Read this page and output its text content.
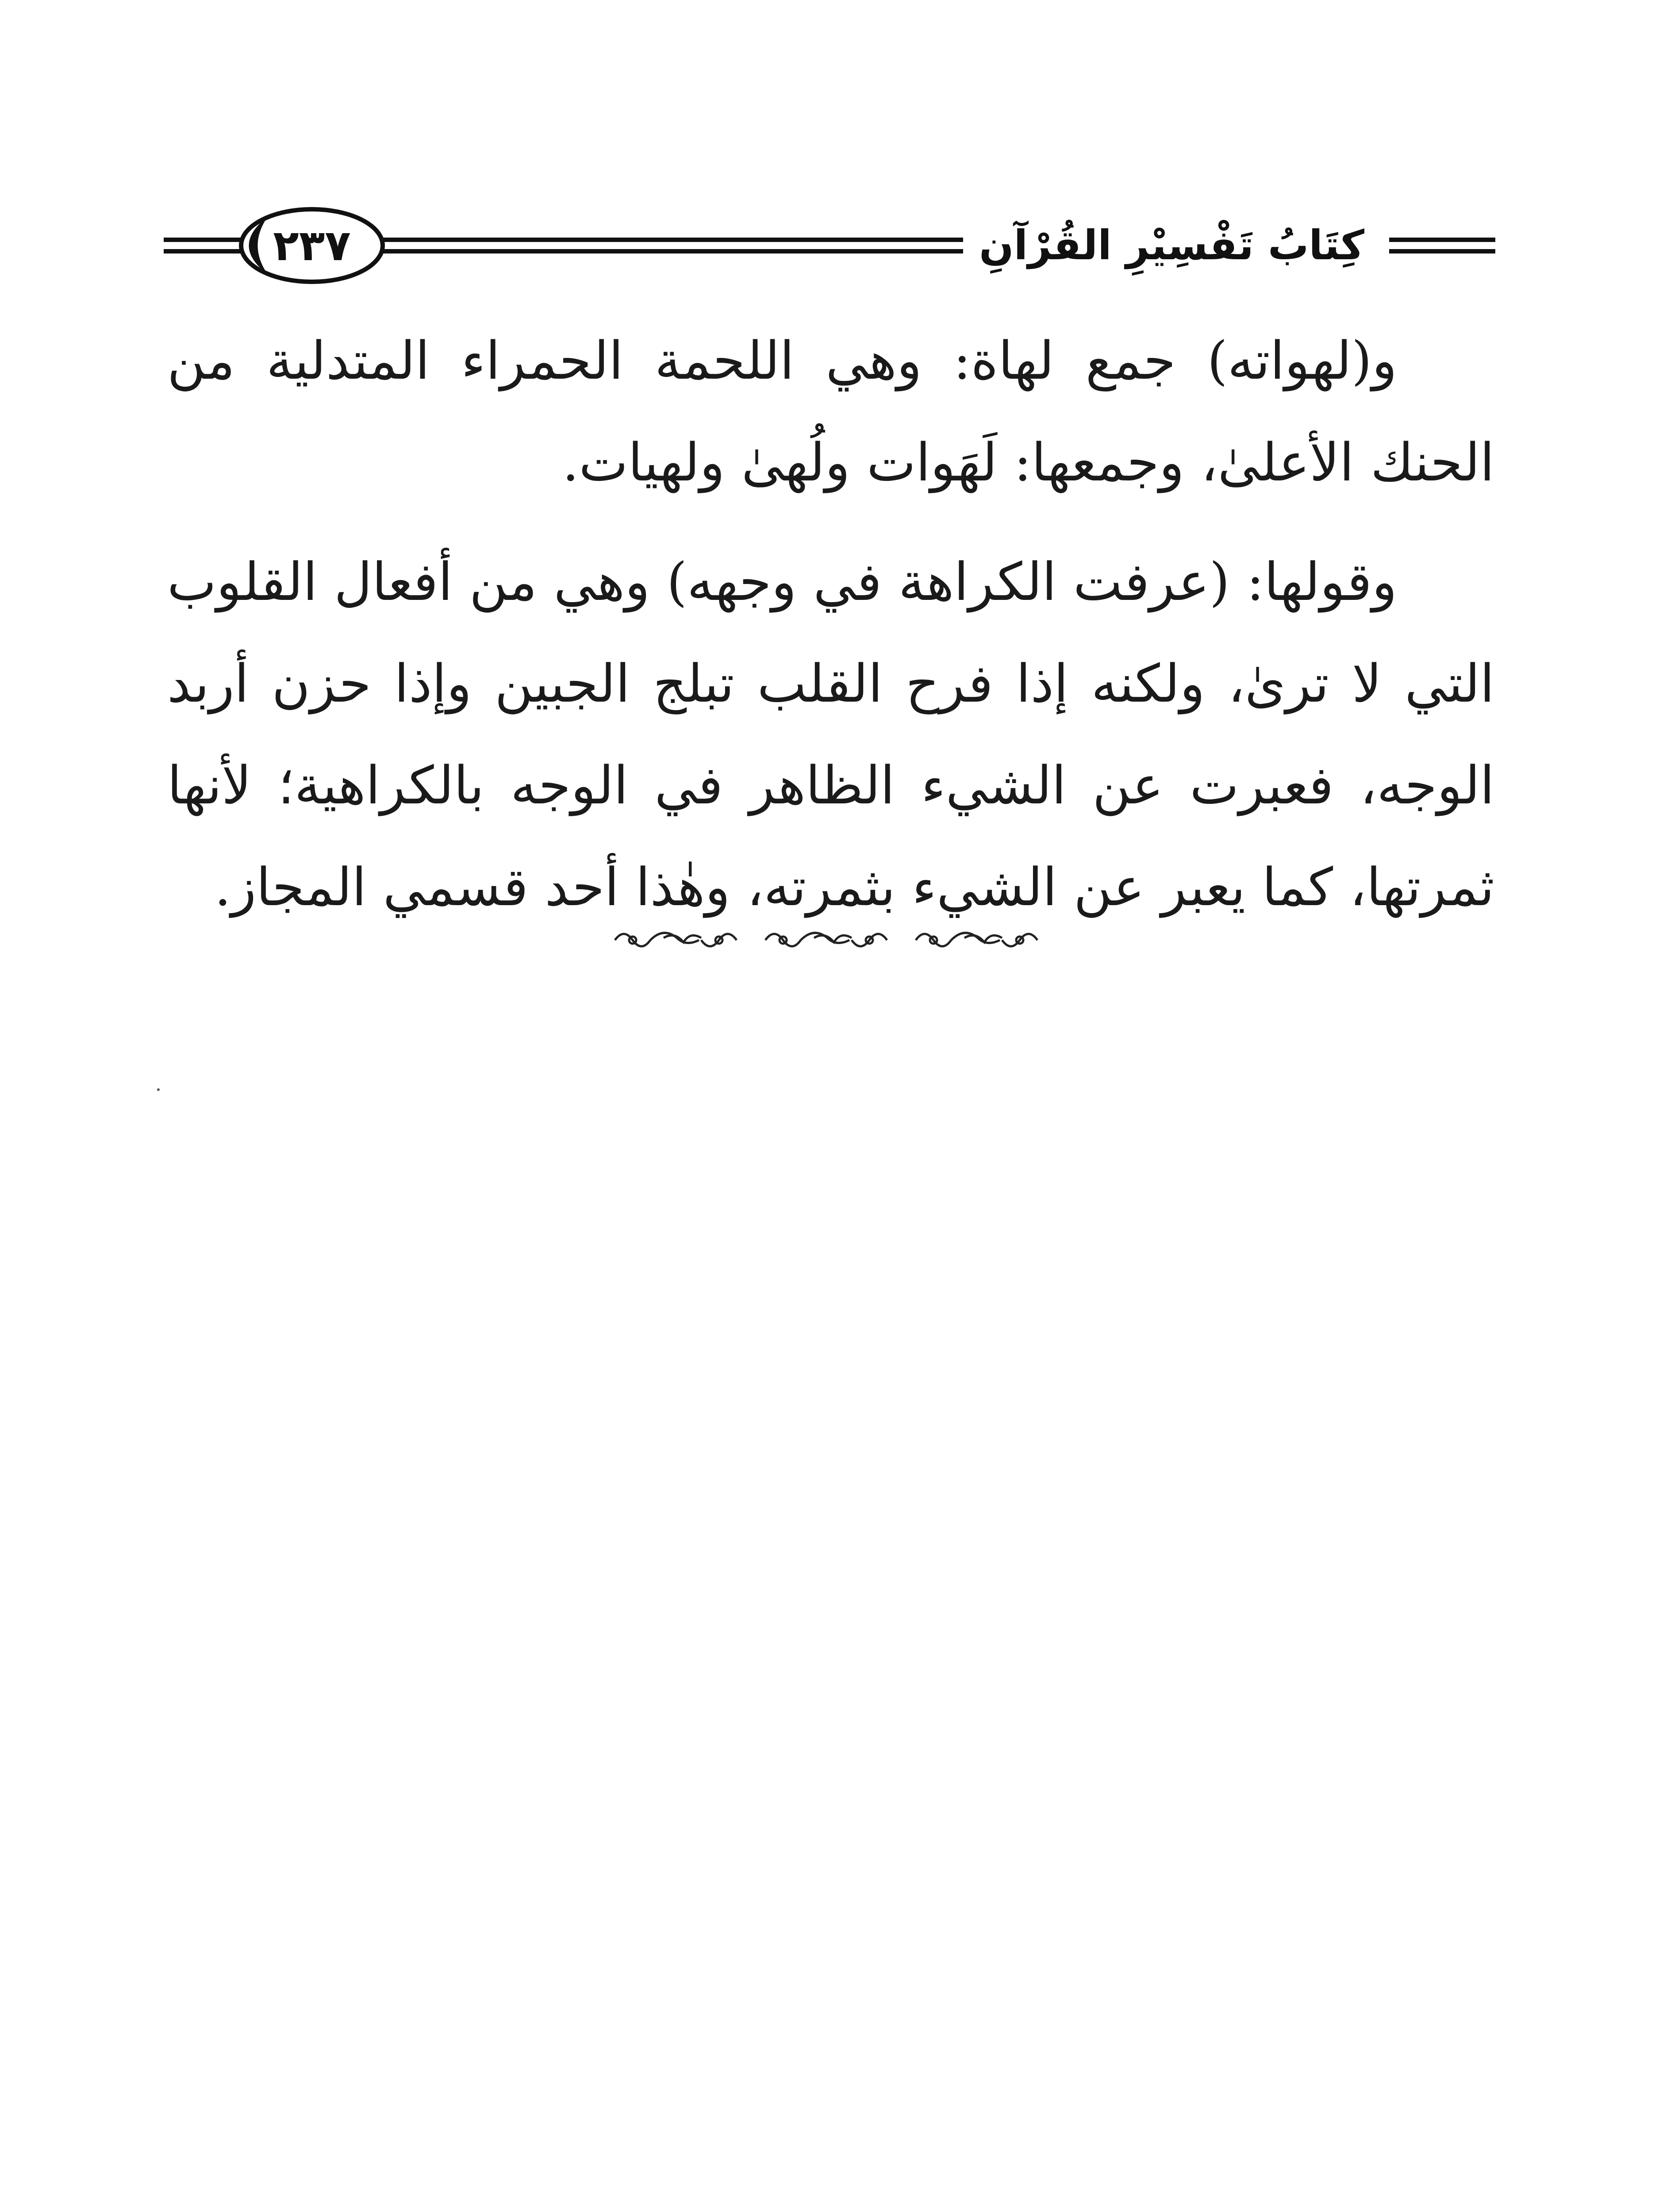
كِتَابُ تَفْسِيْرِ القُرْآنِ
٢٣٧

و(لهواته) جمع لهاة: وهي اللحمة الحمراء المتدلية من الحنك الأعلىٰ، وجمعها: لَهَوات ولُهىٰ ولهيات.

وقولها: (عرفت الكراهة في وجهه) وهي من أفعال القلوب التي لا ترىٰ، ولكنه إذا فرح القلب تبلج الجبين وإذا حزن أربد الوجه، فعبرت عن الشيء الظاهر في الوجه بالكراهية؛ لأنها ثمرتها، كما يعبر عن الشيء بثمرته، وهٰذا أحد قسمي المجاز.
